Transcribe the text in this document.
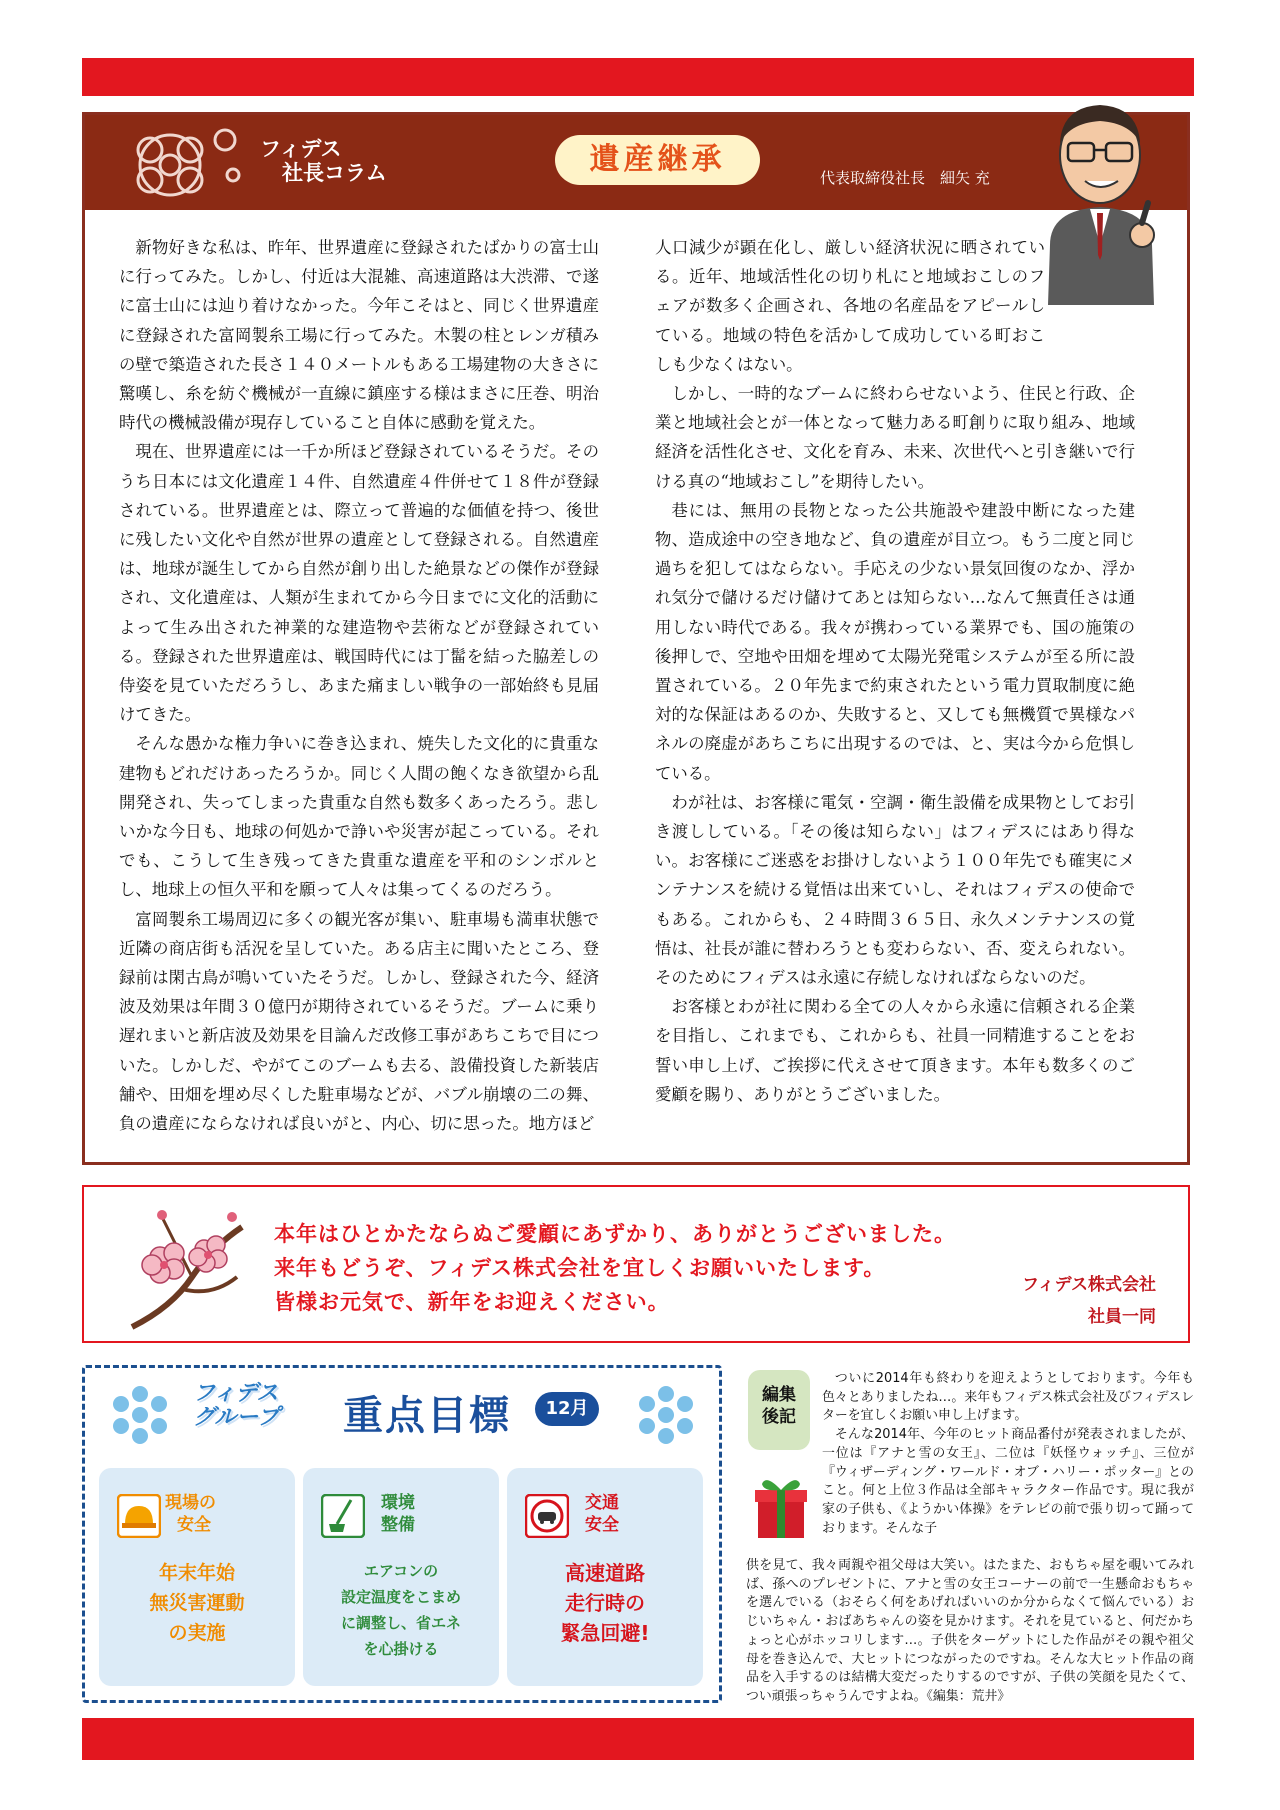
フィデス
社長コラム	遺産継承
代表取締役社長　細矢 充

新物好きな私は、昨年、世界遺産に登録されたばかりの富士山に行ってみた。しかし、付近は大混雑、高速道路は大渋滞、で遂に富士山には辿り着けなかった。今年こそはと、同じく世界遺産に登録された富岡製糸工場に行ってみた。木製の柱とレンガ積みの壁で築造された長さ１４０メートルもある工場建物の大きさに驚嘆し、糸を紡ぐ機械が一直線に鎮座する様はまさに圧巻、明治時代の機械設備が現存していること自体に感動を覚えた。

現在、世界遺産には一千か所ほど登録されているそうだ。そのうち日本には文化遺産１４件、自然遺産４件併せて１８件が登録されている。世界遺産とは、際立って普遍的な価値を持つ、後世に残したい文化や自然が世界の遺産として登録される。自然遺産は、地球が誕生してから自然が創り出した絶景などの傑作が登録され、文化遺産は、人類が生まれてから今日までに文化的活動によって生み出された神業的な建造物や芸術などが登録されている。登録された世界遺産は、戦国時代には丁髷を結った脇差しの侍姿を見ていただろうし、あまた痛ましい戦争の一部始終も見届けてきた。

そんな愚かな権力争いに巻き込まれ、焼失した文化的に貴重な建物もどれだけあったろうか。同じく人間の飽くなき欲望から乱開発され、失ってしまった貴重な自然も数多くあったろう。悲しいかな今日も、地球の何処かで諍いや災害が起こっている。それでも、こうして生き残ってきた貴重な遺産を平和のシンボルとし、地球上の恒久平和を願って人々は集ってくるのだろう。

富岡製糸工場周辺に多くの観光客が集い、駐車場も満車状態で近隣の商店街も活況を呈していた。ある店主に聞いたところ、登録前は閑古鳥が鳴いていたそうだ。しかし、登録された今、経済波及効果は年間３０億円が期待されているそうだ。ブームに乗り遅れまいと新店波及効果を目論んだ改修工事があちこちで目についた。しかしだ、やがてこのブームも去る、設備投資した新装店舗や、田畑を埋め尽くした駐車場などが、バブル崩壊の二の舞、負の遺産にならなければ良いがと、内心、切に思った。地方ほど

人口減少が顕在化し、厳しい経済状況に晒されている。近年、地域活性化の切り札にと地域おこしのフェアが数多く企画され、各地の名産品をアピールしている。地域の特色を活かして成功している町おこしも少なくはない。

しかし、一時的なブームに終わらせないよう、住民と行政、企業と地域社会とが一体となって魅力ある町創りに取り組み、地域経済を活性化させ、文化を育み、未来、次世代へと引き継いで行ける真の“地域おこし”を期待したい。

巷には、無用の長物となった公共施設や建設中断になった建物、造成途中の空き地など、負の遺産が目立つ。もう二度と同じ過ちを犯してはならない。手応えの少ない景気回復のなか、浮かれ気分で儲けるだけ儲けてあとは知らない…なんて無責任さは通用しない時代である。我々が携わっている業界でも、国の施策の後押しで、空地や田畑を埋めて太陽光発電システムが至る所に設置されている。２０年先まで約束されたという電力買取制度に絶対的な保証はあるのか、失敗すると、又しても無機質で異様なパネルの廃虚があちこちに出現するのでは、と、実は今から危惧している。

わが社は、お客様に電気・空調・衛生設備を成果物としてお引き渡ししている。「その後は知らない」はフィデスにはあり得ない。お客様にご迷惑をお掛けしないよう１００年先でも確実にメンテナンスを続ける覚悟は出来ていし、それはフィデスの使命でもある。これからも、２４時間３６５日、永久メンテナンスの覚悟は、社長が誰に替わろうとも変わらない、否、変えられない。そのためにフィデスは永遠に存続しなければならないのだ。

お客様とわが社に関わる全ての人々から永遠に信頼される企業を目指し、これまでも、これからも、社員一同精進することをお誓い申し上げ、ご挨拶に代えさせて頂きます。本年も数多くのご愛顧を賜り、ありがとうございました。

本年はひとかたならぬご愛顧にあずかり、ありがとうございました。
来年もどうぞ、フィデス株式会社を宜しくお願いいたします。
皆様お元気で、新年をお迎えください。
フィデス株式会社
社員一同
フィデス
グループ 重点目標	12月
現場の
安全
年末年始
無災害運動
の実施
環境
整備
エアコンの
設定温度をこまめ
に調整し、省エネ
を心掛ける
交通
安全
高速道路
走行時の
緊急回避!
編集
後記

ついに2014年も終わりを迎えようとしております。今年も色々とありましたね…。来年もフィデス株式会社及びフィデスレターを宜しくお願い申し上げます。

そんな2014年、今年のヒット商品番付が発表されましたが、一位は『アナと雪の女王』、二位は『妖怪ウォッチ』、三位が『ウィザーディング・ワールド・オブ・ハリー・ポッター』とのこと。何と上位３作品は全部キャラクター作品です。現に我が家の子供も、《ようかい体操》をテレビの前で張り切って踊っております。そんな子

供を見て、我々両親や祖父母は大笑い。はたまた、おもちゃ屋を覗いてみれば、孫へのプレゼントに、アナと雪の女王コーナーの前で一生懸命おもちゃを選んでいる（おそらく何をあげればいいのか分からなくて悩んでいる）おじいちゃん・おばあちゃんの姿を見かけます。それを見ていると、何だかちょっと心がホッコリします…。子供をターゲットにした作品がその親や祖父母を巻き込んで、大ヒットにつながったのですね。そんな大ヒット作品の商品を入手するのは結構大変だったりするのですが、子供の笑顔を見たくて、つい頑張っちゃうんですよね。《編集：荒井》
